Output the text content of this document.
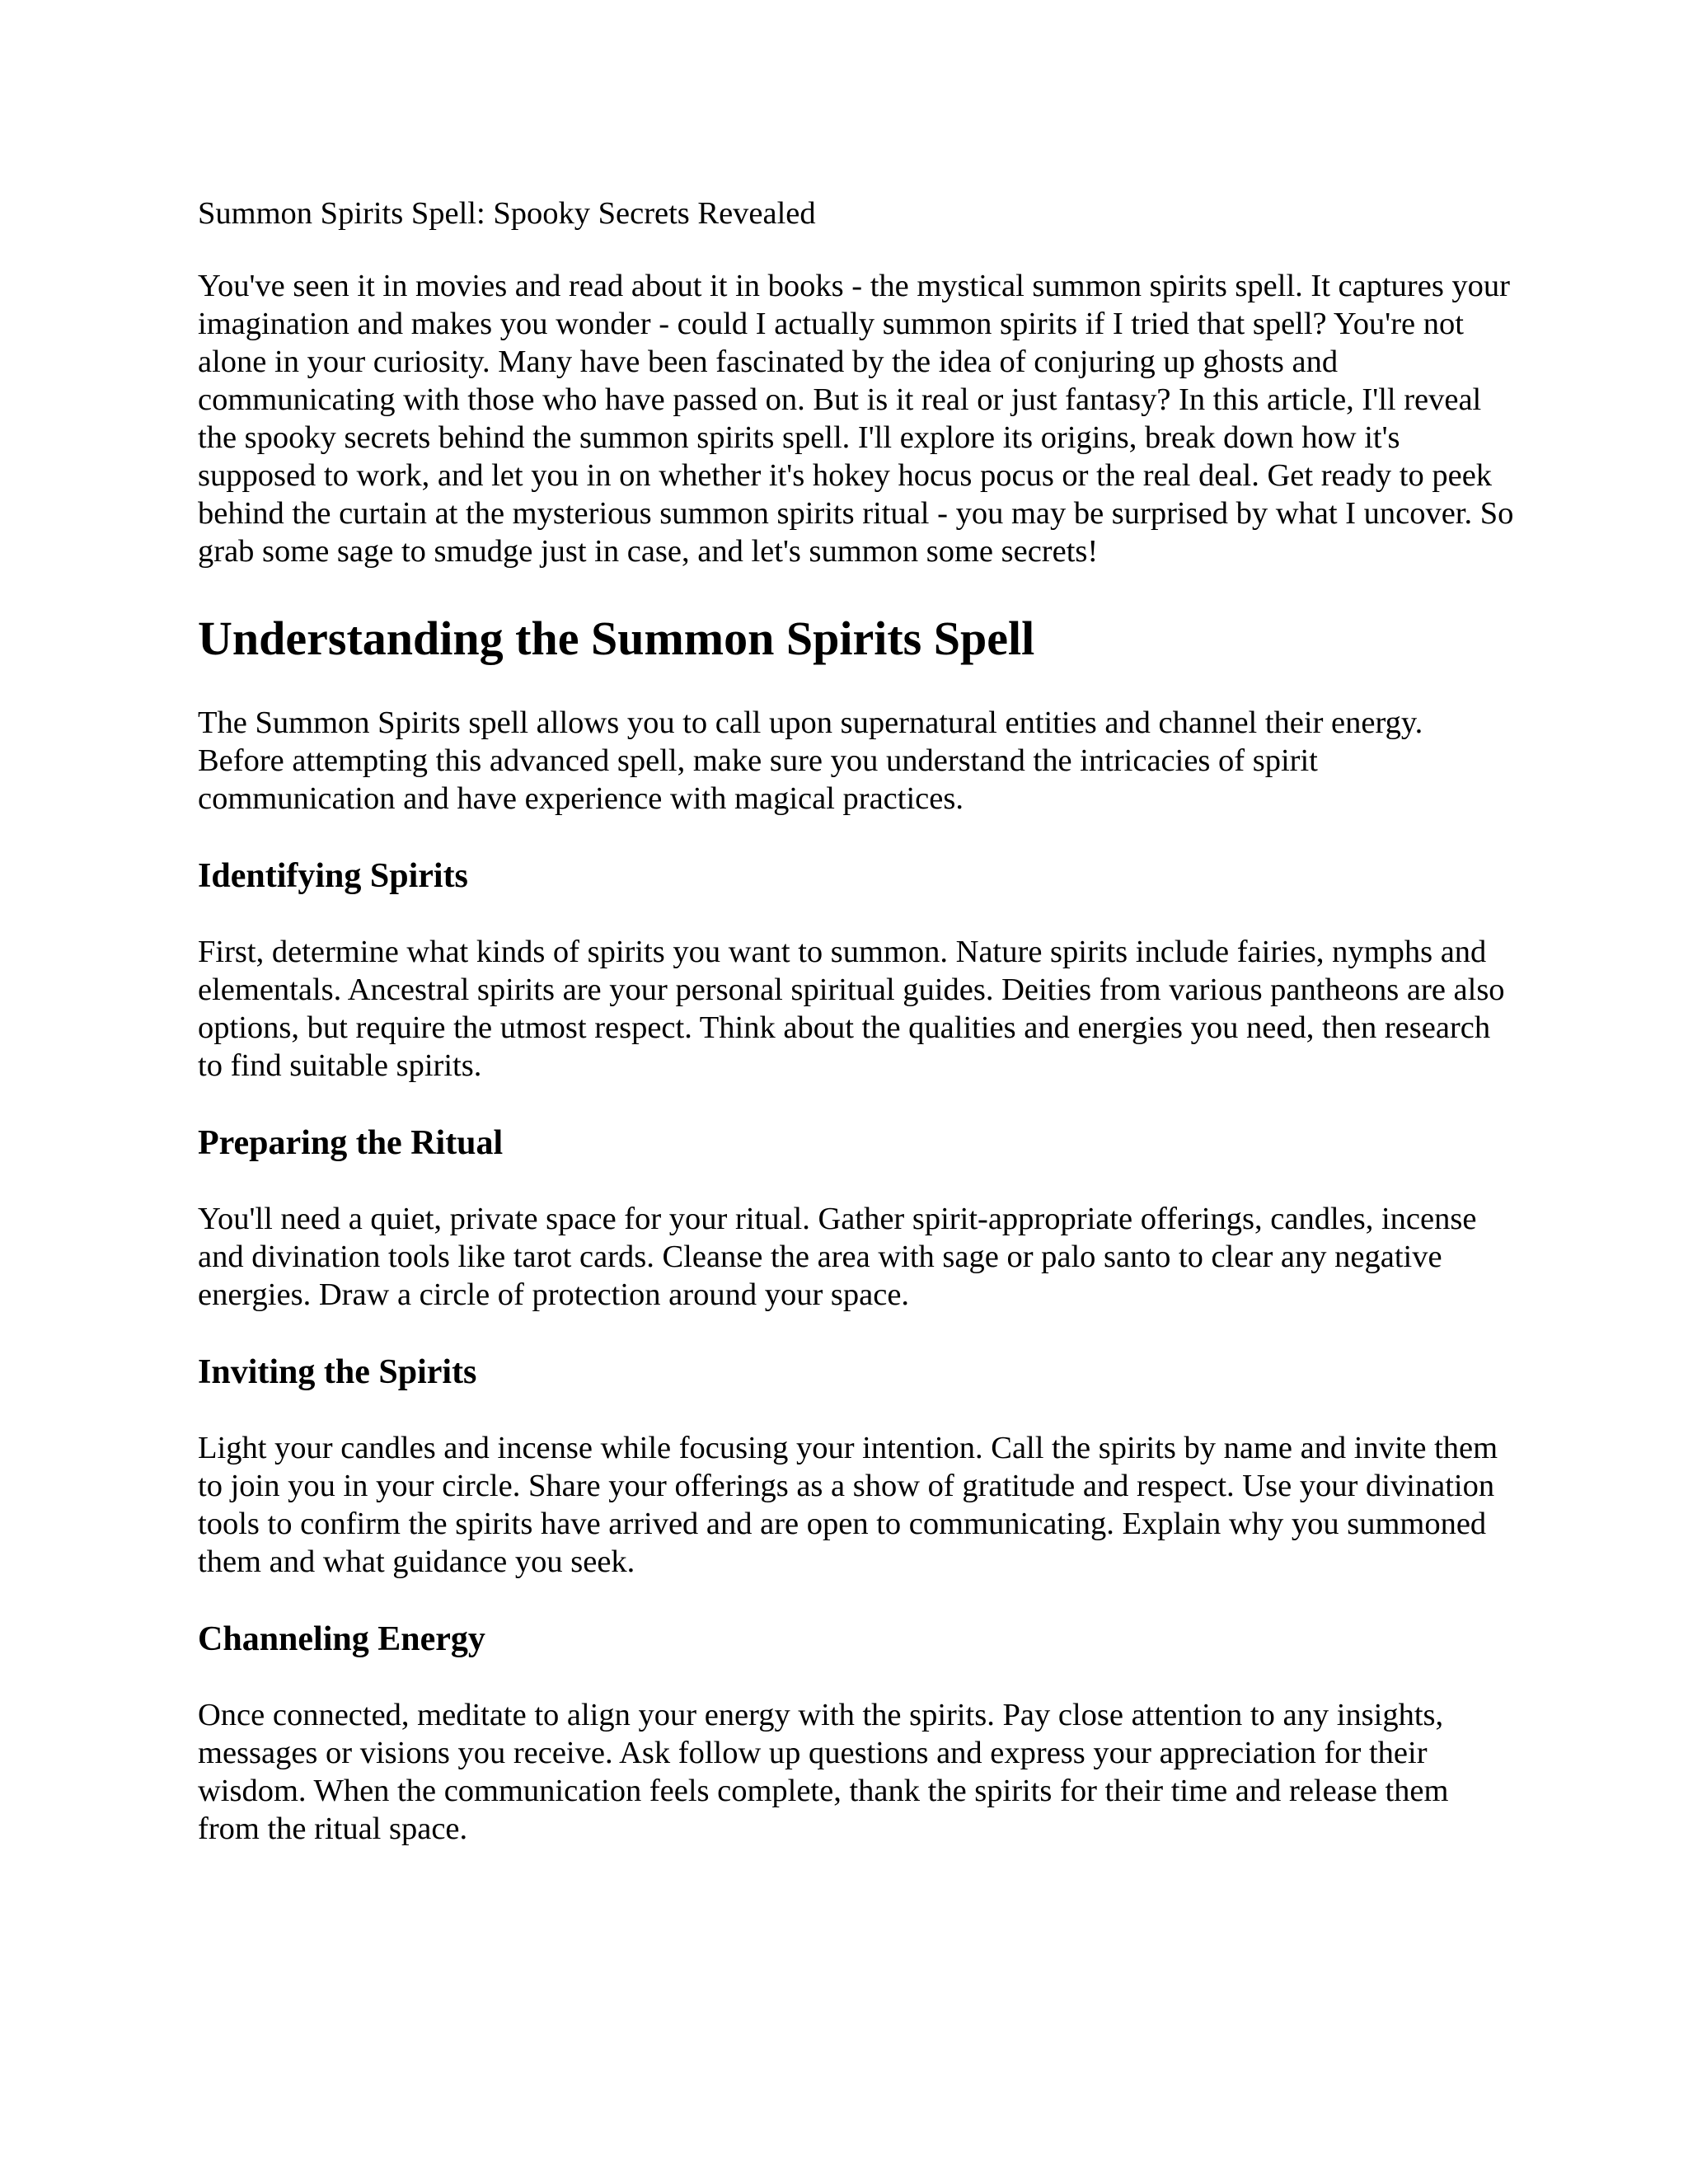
Summon Spirits Spell: Spooky Secrets Revealed

You've seen it in movies and read about it in books - the mystical summon spirits spell. It captures your imagination and makes you wonder - could I actually summon spirits if I tried that spell? You're not alone in your curiosity. Many have been fascinated by the idea of conjuring up ghosts and communicating with those who have passed on. But is it real or just fantasy? In this article, I'll reveal the spooky secrets behind the summon spirits spell. I'll explore its origins, break down how it's supposed to work, and let you in on whether it's hokey hocus pocus or the real deal. Get ready to peek behind the curtain at the mysterious summon spirits ritual - you may be surprised by what I uncover. So grab some sage to smudge just in case, and let's summon some secrets!

Understanding the Summon Spirits Spell

The Summon Spirits spell allows you to call upon supernatural entities and channel their energy. Before attempting this advanced spell, make sure you understand the intricacies of spirit communication and have experience with magical practices.

Identifying Spirits

First, determine what kinds of spirits you want to summon. Nature spirits include fairies, nymphs and elementals. Ancestral spirits are your personal spiritual guides. Deities from various pantheons are also options, but require the utmost respect. Think about the qualities and energies you need, then research to find suitable spirits.

Preparing the Ritual

You'll need a quiet, private space for your ritual. Gather spirit-appropriate offerings, candles, incense and divination tools like tarot cards. Cleanse the area with sage or palo santo to clear any negative energies. Draw a circle of protection around your space.

Inviting the Spirits

Light your candles and incense while focusing your intention. Call the spirits by name and invite them to join you in your circle. Share your offerings as a show of gratitude and respect. Use your divination tools to confirm the spirits have arrived and are open to communicating. Explain why you summoned them and what guidance you seek.

Channeling Energy

Once connected, meditate to align your energy with the spirits. Pay close attention to any insights, messages or visions you receive. Ask follow up questions and express your appreciation for their wisdom. When the communication feels complete, thank the spirits for their time and release them from the ritual space.
